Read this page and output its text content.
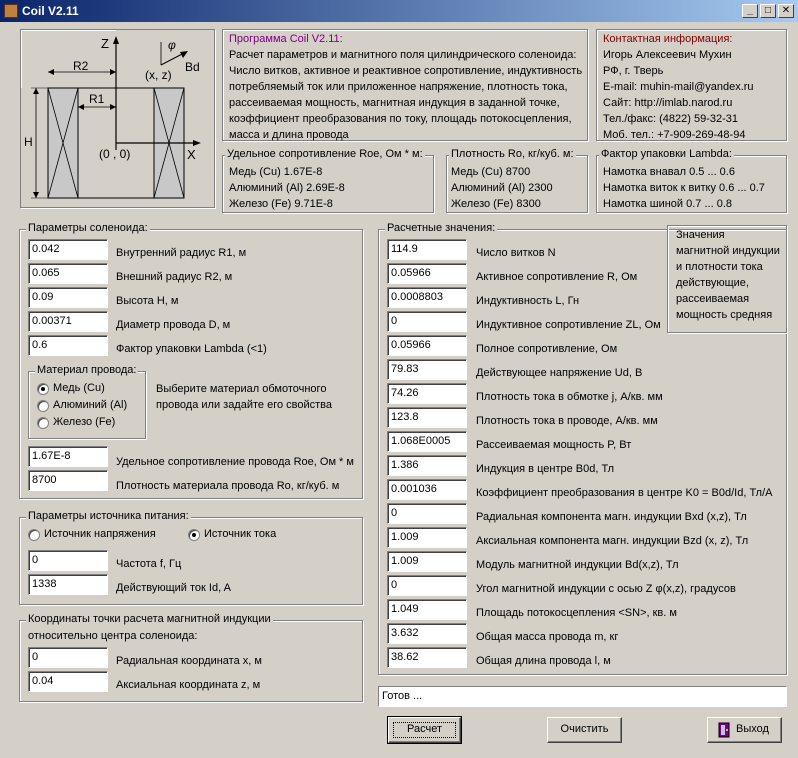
Coil V2.11	_	□	✕
Z
X
φ
Bd
(x, z)
R2
R1
H
(0 , 0)
Программа Coil V2.11:
Расчет параметров и магнитного поля цилиндрического соленоида:
Число витков, активное и реактивное сопротивление, индуктивность
потребляемый ток или приложенное напряжение, плотность тока,
рассеиваемая мощность, магнитная индукция в заданной точке,
коэффициент преобразования по току, площадь потокосцепления,
масса и длина провода
Контактная информация:
Игорь Алексеевич Мухин
РФ, г. Тверь
E-mail: muhin-mail@yandex.ru
Сайт: http://imlab.narod.ru
Тел./факс: (4822) 59-32-31
Моб. тел.: +7-909-269-48-94
Удельное сопротивление Roe, Ом * м:
Медь (Cu) 1.67E-8
Алюминий (Al) 2.69E-8
Железо (Fe) 9.71E-8
Плотность Ro, кг/куб. м:
Медь (Cu) 8700
Алюминий (Al) 2300
Железо (Fe) 8300
Фактор упаковки Lambda:
Намотка внавал 0.5 ... 0.6
Намотка виток к витку 0.6 ... 0.7
Намотка шиной 0.7 ... 0.8
Параметры соленоида:
0.042	Внутренний радиус R1, м
0.065	Внешний радиус R2, м
0.09	Высота H, м
0.00371	Диаметр провода D, м
0.6	Фактор упаковки Lambda (<1)
Материал провода:
Медь (Cu)
Алюминий (Al)
Железо (Fe)
Выберите материал обмоточного
провода или задайте его свойства
1.67E-8	Удельное сопротивление провода Roe, Ом * м
8700	Плотность материала провода Ro, кг/куб. м
Параметры источника питания:
Источник напряжения	Источник тока
0	Частота f, Гц
1338	Действующий ток Id, A
Координаты точки расчета магнитной индукции
относительно центра соленоида:
0	Радиальная координата x, м
0.04	Аксиальная координата z, м
Расчетные значения:
Значения
магнитной индукции
и плотности тока
действующие,
рассеиваемая
мощность средняя
114.9	Число витков N
0.05966	Активное сопротивление R, Ом
0.0008803	Индуктивность L, Гн
0	Индуктивное сопротивление ZL, Ом
0.05966	Полное сопротивление, Ом
79.83	Действующее напряжение Ud, В
74.26	Плотность тока в обмотке j, А/кв. мм
123.8	Плотность тока в проводе, А/кв. мм
1.068E0005	Рассеиваемая мощность P, Вт
1.386	Индукция в центре B0d, Тл
0.001036	Коэффициент преобразования в центре K0 = B0d/Id, Тл/А
0	Радиальная компонента магн. индукции Bxd (x,z), Тл
1.009	Аксиальная компонента магн. индукции Bzd (x, z), Тл
1.009	Модуль магнитной индукции Bd(x,z), Тл
0	Угол магнитной индукции с осью Z φ(x,z), градусов
1.049	Площадь потокосцепления <SN>, кв. м
3.632	Общая масса провода m, кг
38.62	Общая длина провода l, м
Готов ...
Расчет	Очистить	Выход
